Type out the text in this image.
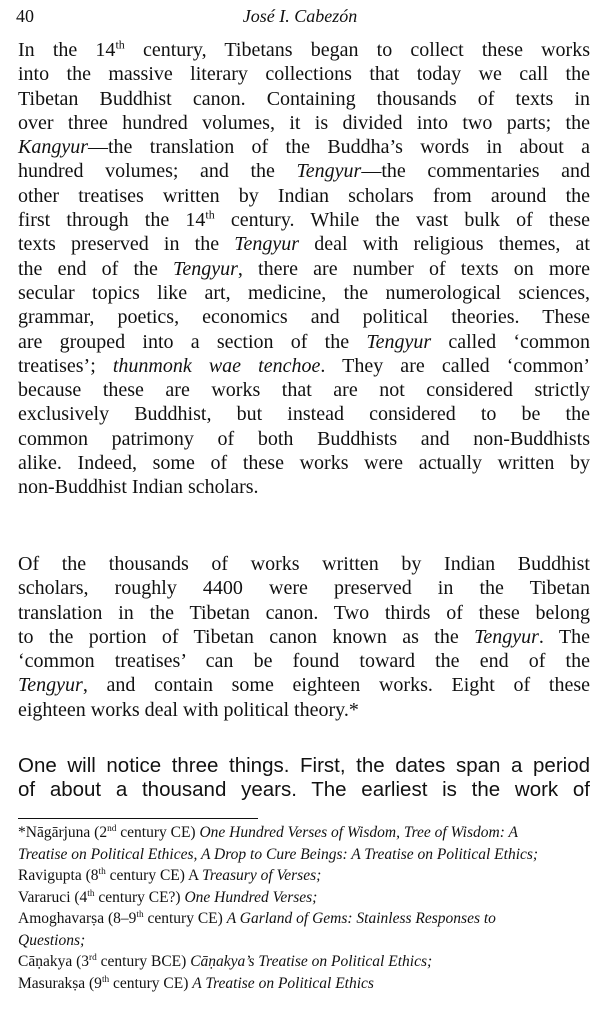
40	José I. Cabezón

In the 14th century, Tibetans began to collect these works
into the massive literary collections that today we call the
Tibetan Buddhist canon. Containing thousands of texts in
over three hundred volumes, it is divided into two parts; the
Kangyur—the translation of the Buddha’s words in about a
hundred volumes; and the Tengyur—the commentaries and
other treatises written by Indian scholars from around the
first through the 14th century. While the vast bulk of these
texts preserved in the Tengyur deal with religious themes, at
the end of the Tengyur, there are number of texts on more
secular topics like art, medicine, the numerological sciences,
grammar, poetics, economics and political theories. These
are grouped into a section of the Tengyur called ‘common
treatises’; thunmonk wae tenchoe. They are called ‘common’
because these are works that are not considered strictly
exclusively Buddhist, but instead considered to be the
common patrimony of both Buddhists and non-Buddhists
alike. Indeed, some of these works were actually written by
non-Buddhist Indian scholars.

Of the thousands of works written by Indian Buddhist
scholars, roughly 4400 were preserved in the Tibetan
translation in the Tibetan canon. Two thirds of these belong
to the portion of Tibetan canon known as the Tengyur. The
‘common treatises’ can be found toward the end of the
Tengyur, and contain some eighteen works. Eight of these
eighteen works deal with political theory.*

One will notice three things. First, the dates span a period
of about a thousand years. The earliest is the work of

*Nāgārjuna (2nd century CE) One Hundred Verses of Wisdom, Tree of Wisdom: A
Treatise on Political Ethices, A Drop to Cure Beings: A Treatise on Political Ethics;
Ravigupta (8th century CE) A Treasury of Verses;
Vararuci (4th century CE?) One Hundred Verses;
Amoghavarṣa (8–9th century CE) A Garland of Gems: Stainless Responses to
Questions;
Cāṇakya (3rd century BCE) Cāṇakya’s Treatise on Political Ethics;
Masurakṣa (9th century CE) A Treatise on Political Ethics
